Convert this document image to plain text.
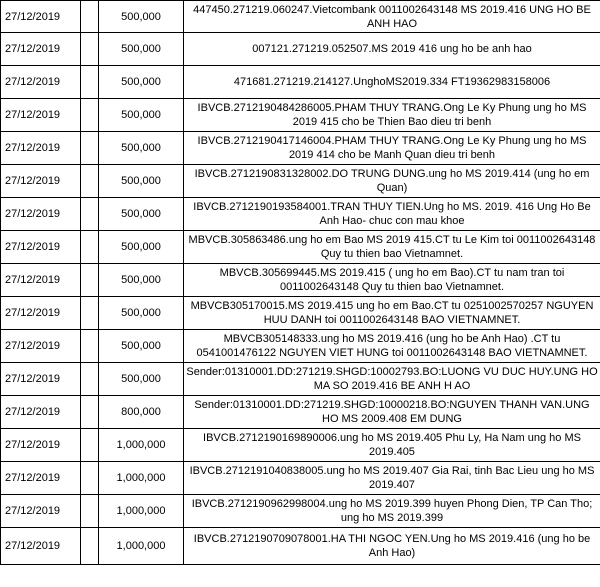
27/12/2019		500,000	447450.271219.060247.Vietcombank 0011002643148 MS 2019.416 UNG HO BE ANH HAO
27/12/2019		500,000	007121.271219.052507.MS 2019 416 ung ho be anh hao
27/12/2019		500,000	471681.271219.214127.UnghoMS2019.334 FT19362983158006
27/12/2019		500,000	IBVCB.2712190484286005.PHAM THUY TRANG.Ong Le Ky Phung ung ho MS 2019 415 cho be Thien Bao dieu tri benh
27/12/2019		500,000	IBVCB.2712190417146004.PHAM THUY TRANG.Ong Le Ky Phung ung ho MS 2019 414 cho be Manh Quan dieu tri benh
27/12/2019		500,000	IBVCB.2712190831328002.DO TRUNG DUNG.ung ho MS 2019.414 (ung ho em Quan)
27/12/2019		500,000	IBVCB.2712190193584001.TRAN THUY TIEN.Ung ho MS. 2019. 416 Ung Ho Be Anh Hao- chuc con mau khoe
27/12/2019		500,000	MBVCB.305863486.ung ho em Bao MS 2019 415.CT tu Le Kim toi 0011002643148 Quy tu thien bao Vietnamnet.
27/12/2019		500,000	MBVCB.305699445.MS 2019.415 ( ung ho em Bao).CT tu nam tran toi 0011002643148 Quy tu thien bao Vietnamnet.
27/12/2019		500,000	MBVCB305170015.MS 2019.415 ung ho em Bao.CT tu 0251002570257 NGUYEN HUU DANH toi 0011002643148 BAO VIETNAMNET.
27/12/2019		500,000	MBVCB305148333.ung ho MS 2019.416 (ung ho be Anh Hao) .CT tu 0541001476122 NGUYEN VIET HUNG toi 0011002643148 BAO VIETNAMNET.
27/12/2019		500,000	Sender:01310001.DD:271219.SHGD:10002793.BO:LUONG VU DUC HUY.UNG HO MA SO 2019.416 BE ANH H AO
27/12/2019		800,000	Sender:01310001.DD:271219.SHGD:10000218.BO:NGUYEN THANH VAN.UNG HO MS 2009.408 EM DUNG
27/12/2019		1,000,000	IBVCB.2712190169890006.ung ho MS 2019.405 Phu Ly, Ha Nam ung ho MS 2019.405
27/12/2019		1,000,000	IBVCB.2712191040838005.ung ho MS 2019.407 Gia Rai, tinh Bac Lieu ung ho MS 2019.407
27/12/2019		1,000,000	IBVCB.2712190962998004.ung ho MS 2019.399 huyen Phong Dien, TP Can Tho; ung ho MS 2019.399
27/12/2019		1,000,000	IBVCB.2712190709078001.HA THI NGOC YEN.Ung ho MS 2019.416 (ung ho be Anh Hao)
